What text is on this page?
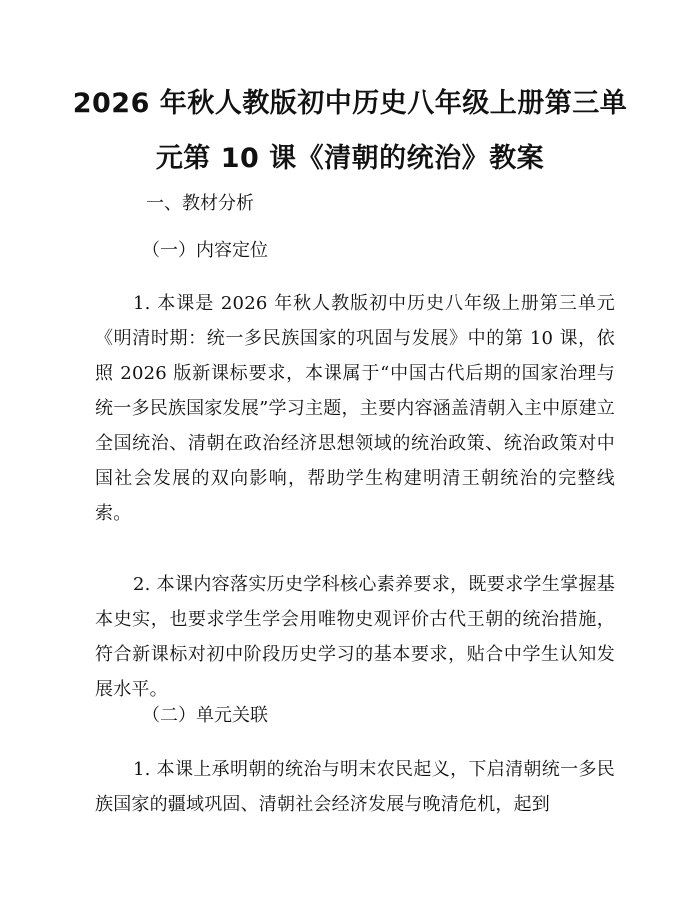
2026 年秋人教版初中历史八年级上册第三单
元第 10 课《清朝的统治》教案

一、教材分析

（一）内容定位

1. 本课是 2026 年秋人教版初中历史八年级上册第三单元《明清时期：统一多民族国家的巩固与发展》中的第 10 课，依照 2026 版新课标要求，本课属于“中国古代后期的国家治理与统一多民族国家发展”学习主题，主要内容涵盖清朝入主中原建立全国统治、清朝在政治经济思想领域的统治政策、统治政策对中国社会发展的双向影响，帮助学生构建明清王朝统治的完整线索。

2. 本课内容落实历史学科核心素养要求，既要求学生掌握基本史实，也要求学生学会用唯物史观评价古代王朝的统治措施，符合新课标对初中阶段历史学习的基本要求，贴合中学生认知发展水平。

（二）单元关联

1. 本课上承明朝的统治与明末农民起义，下启清朝统一多民族国家的疆域巩固、清朝社会经济发展与晚清危机，起到
